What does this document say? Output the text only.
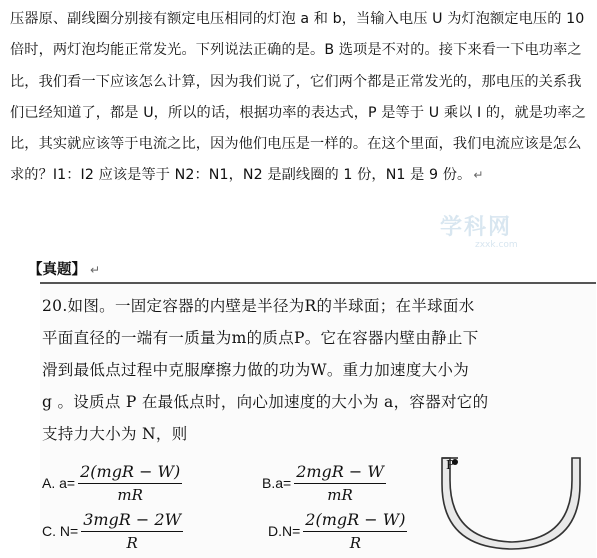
压器原、副线圈分别接有额定电压相同的灯泡 a 和 b，当输入电压 U 为灯泡额定电压的 10
倍时，两灯泡均能正常发光。下列说法正确的是。B 选项是不对的。接下来看一下电功率之
比，我们看一下应该怎么计算，因为我们说了，它们两个都是正常发光的，那电压的关系我
们已经知道了，都是 U，所以的话，根据功率的表达式，P 是等于 U 乘以 I 的，就是功率之
比，其实就应该等于电流之比，因为他们电压是一样的。在这个里面，我们电流应该是怎么
求的？I1：I2 应该是等于 N2：N1，N2 是副线圈的 1 份，N1 是 9 份。 ↵
【真题】 ↵
20.如图。一固定容器的内壁是半径为R的半球面；在半球面水
平面直径的一端有一质量为m的质点P。它在容器内壁由静止下
滑到最低点过程中克服摩擦力做的功为W。重力加速度大小为
g 。设质点 P 在最低点时，向心加速度的大小为 a，容器对它的
支持力大小为 N，则
A. $a= \frac{\text{2(mgR − W)}}{mR}$	$B.a= \frac{\text{2mgR − W}}{mR}$
C. $N= \frac{\text{3mgR − 2W}}{R}$	$D.N= \frac{\text{2(mgR − W)}}{R}$
P
学科网
zxxk.com
